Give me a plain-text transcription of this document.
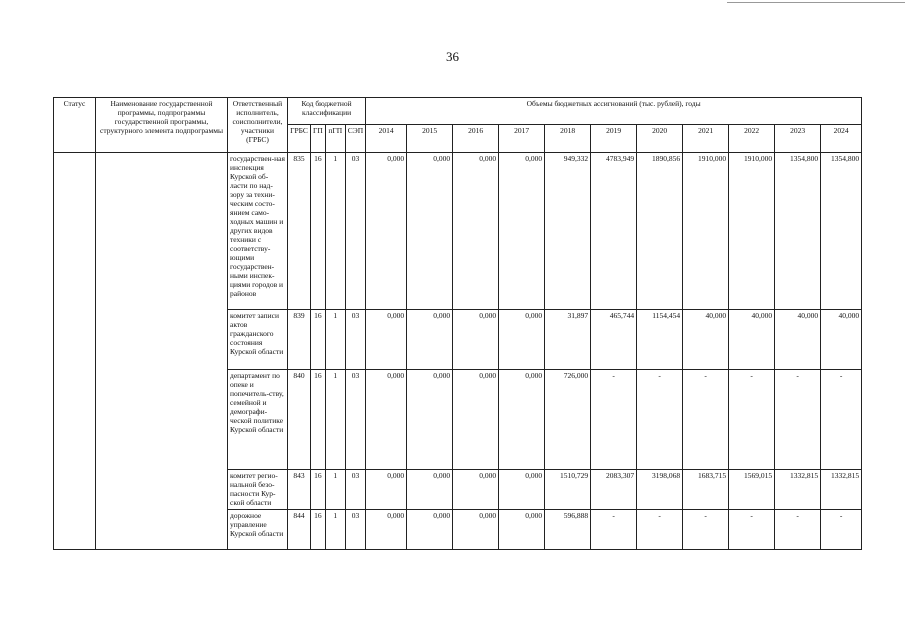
36
Статус	Наименование государственной программы, подпрограммы государственной программы, структурного элемента подпрограммы	Ответственный исполнитель, соисполнители, участники (ГРБС)	Код бюджетной классификации				Объемы бюджетных ассигнований (тыс. рублей), годы										
			ГРБС	ГП	пГП	СЭП	2014	2015	2016	2017	2018	2019	2020	2021	2022	2023	2024
		государствен-ная инспекция Курской об-ласти по над-зору за техни-ческим состо-янием само-ходных машин и других видов техники с соответству-ющими государствен-ными инспек-циями городов и районов	835	16	1	03	0,000	0,000	0,000	0,000	949,332	4783,949	1890,856	1910,000	1910,000	1354,800	1354,800
		комитет записи актов гражданского состояния Курской области	839	16	1	03	0,000	0,000	0,000	0,000	31,897	465,744	1154,454	40,000	40,000	40,000	40,000
		департамент по опеке и попечитель-ству, семейной и демографи-ческой политике Курской области	840	16	1	03	0,000	0,000	0,000	0,000	726,000	-	-	-	-	-	-
		комитет регио-нальной безо-пасности Кур-ской области	843	16	1	03	0,000	0,000	0,000	0,000	1510,729	2083,307	3198,068	1683,715	1569,015	1332,815	1332,815
		дорожное управление Курской области	844	16	1	03	0,000	0,000	0,000	0,000	596,888	-	-	-	-	-	-
